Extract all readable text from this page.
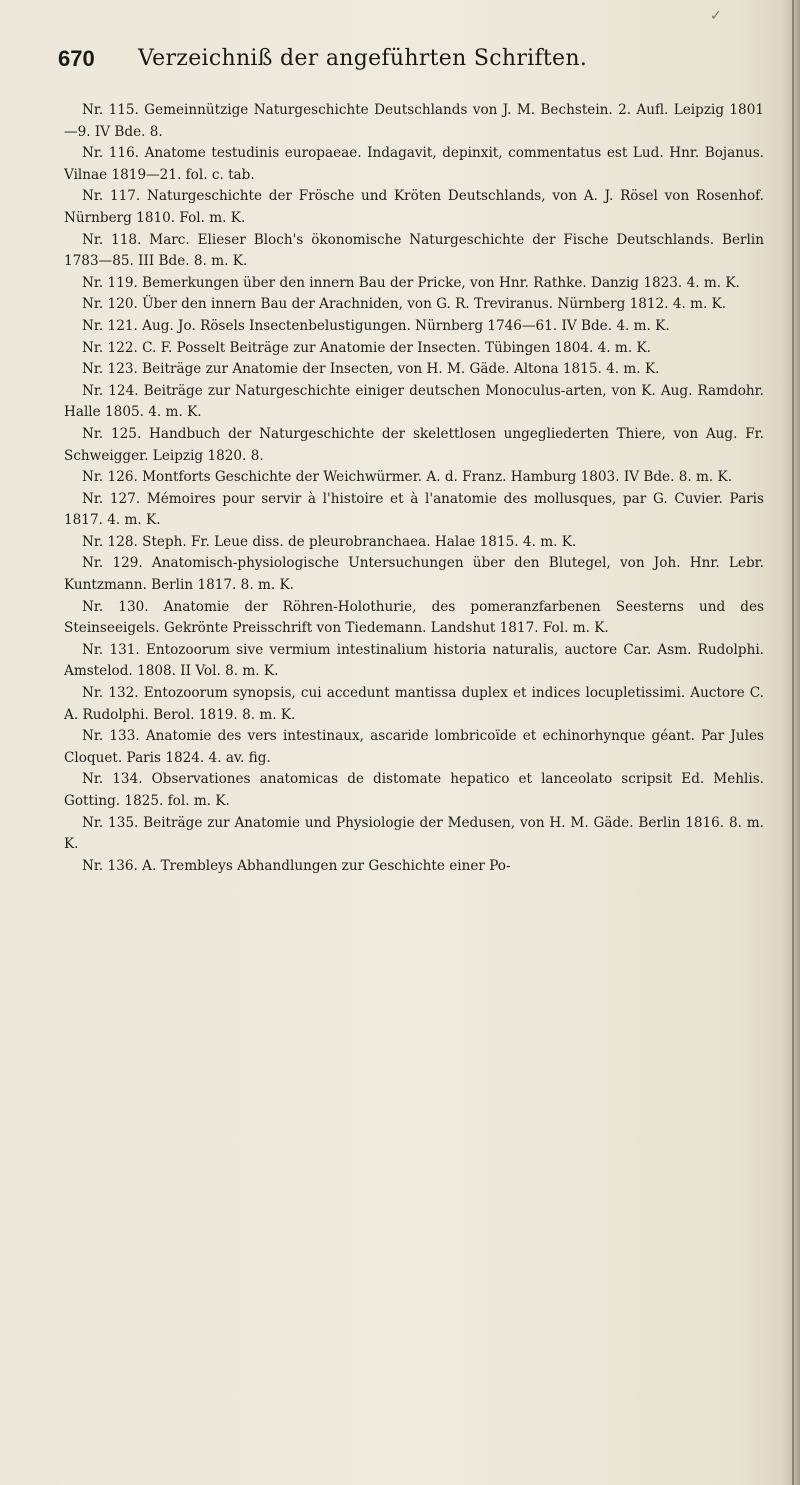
✓
670 Verzeichniß der angeführten Schriften.

Nr. 115. Gemeinnützige Naturgeschichte Deutschlands von J. M. Bechstein. 2. Aufl. Leipzig 1801—9. IV Bde. 8.

Nr. 116. Anatome testudinis europaeae. Indagavit, depinxit, commentatus est Lud. Hnr. Bojanus. Vilnae 1819—21. fol. c. tab.

Nr. 117. Naturgeschichte der Frösche und Kröten Deutschlands, von A. J. Rösel von Rosenhof. Nürnberg 1810. Fol. m. K.

Nr. 118. Marc. Elieser Bloch's ökonomische Naturgeschichte der Fische Deutschlands. Berlin 1783—85. III Bde. 8. m. K.

Nr. 119. Bemerkungen über den innern Bau der Pricke, von Hnr. Rathke. Danzig 1823. 4. m. K.

Nr. 120. Über den innern Bau der Arachniden, von G. R. Treviranus. Nürnberg 1812. 4. m. K.

Nr. 121. Aug. Jo. Rösels Insectenbelustigungen. Nürnberg 1746—61. IV Bde. 4. m. K.

Nr. 122. C. F. Posselt Beiträge zur Anatomie der Insecten. Tübingen 1804. 4. m. K.

Nr. 123. Beiträge zur Anatomie der Insecten, von H. M. Gäde. Altona 1815. 4. m. K.

Nr. 124. Beiträge zur Naturgeschichte einiger deutschen Monoculus-arten, von K. Aug. Ramdohr. Halle 1805. 4. m. K.

Nr. 125. Handbuch der Naturgeschichte der skelettlosen ungegliederten Thiere, von Aug. Fr. Schweigger. Leipzig 1820. 8.

Nr. 126. Montforts Geschichte der Weichwürmer. A. d. Franz. Hamburg 1803. IV Bde. 8. m. K.

Nr. 127. Mémoires pour servir à l'histoire et à l'anatomie des mollusques, par G. Cuvier. Paris 1817. 4. m. K.

Nr. 128. Steph. Fr. Leue diss. de pleurobranchaea. Halae 1815. 4. m. K.

Nr. 129. Anatomisch-physiologische Untersuchungen über den Blutegel, von Joh. Hnr. Lebr. Kuntzmann. Berlin 1817. 8. m. K.

Nr. 130. Anatomie der Röhren-Holothurie, des pomeranzfarbenen Seesterns und des Steinseeigels. Gekrönte Preisschrift von Tiedemann. Landshut 1817. Fol. m. K.

Nr. 131. Entozoorum sive vermium intestinalium historia naturalis, auctore Car. Asm. Rudolphi. Amstelod. 1808. II Vol. 8. m. K.

Nr. 132. Entozoorum synopsis, cui accedunt mantissa duplex et indices locupletissimi. Auctore C. A. Rudolphi. Berol. 1819. 8. m. K.

Nr. 133. Anatomie des vers intestinaux, ascaride lombricoïde et echinorhynque géant. Par Jules Cloquet. Paris 1824. 4. av. fig.

Nr. 134. Observationes anatomicas de distomate hepatico et lanceolato scripsit Ed. Mehlis. Gotting. 1825. fol. m. K.

Nr. 135. Beiträge zur Anatomie und Physiologie der Medusen, von H. M. Gäde. Berlin 1816. 8. m. K.

Nr. 136. A. Trembleys Abhandlungen zur Geschichte einer Po-
